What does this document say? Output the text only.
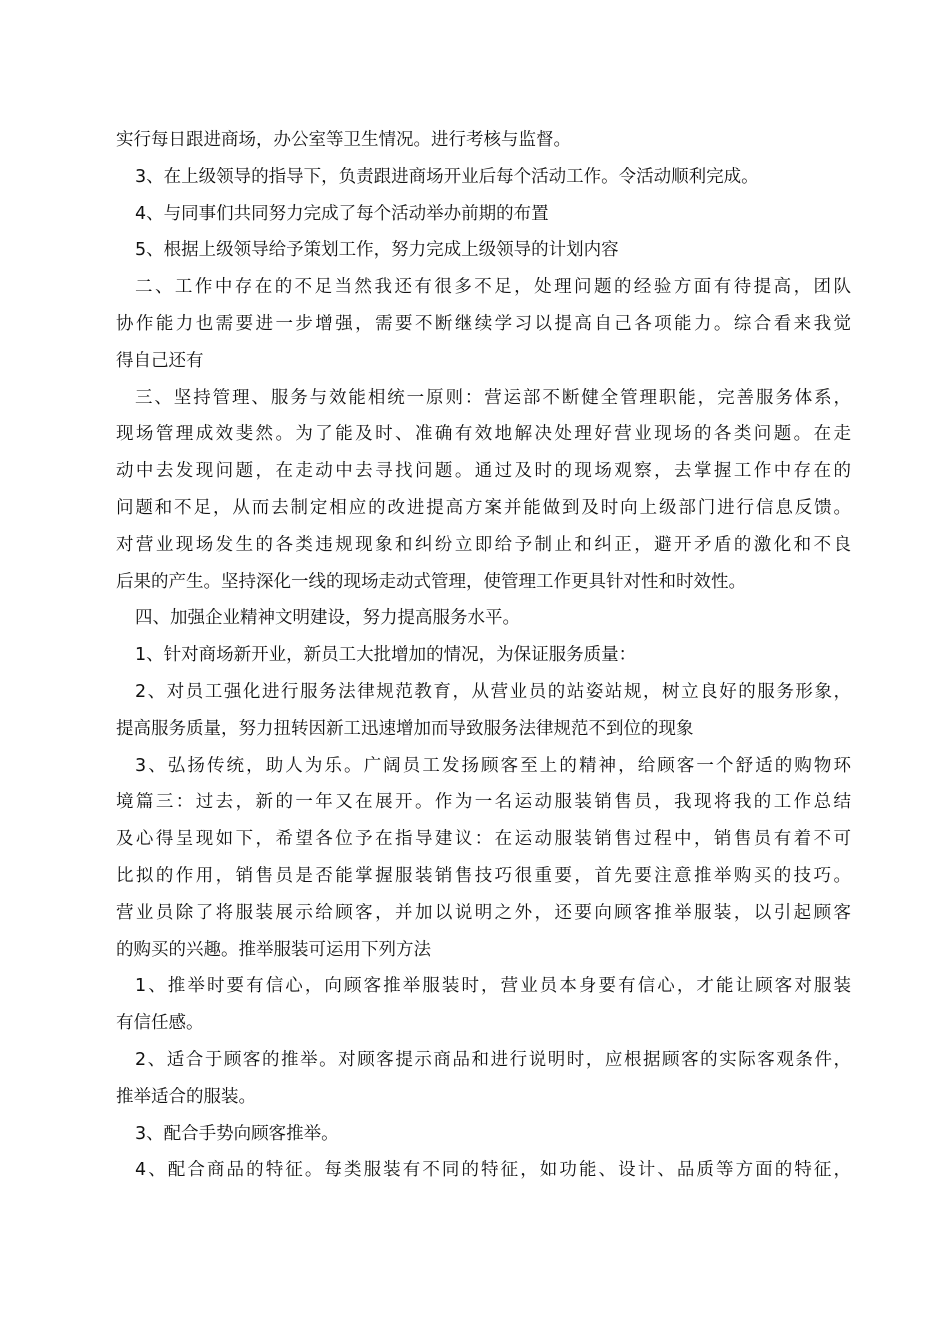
实行每日跟进商场，办公室等卫生情况。进行考核与监督。
3、在上级领导的指导下，负责跟进商场开业后每个活动工作。令活动顺利完成。
4、与同事们共同努力完成了每个活动举办前期的布置
5、根据上级领导给予策划工作，努力完成上级领导的计划内容
二、工作中存在的不足当然我还有很多不足，处理问题的经验方面有待提高，团队
协作能力也需要进一步增强，需要不断继续学习以提高自己各项能力。综合看来我觉
得自己还有
三、坚持管理、服务与效能相统一原则：营运部不断健全管理职能，完善服务体系，
现场管理成效斐然。为了能及时、准确有效地解决处理好营业现场的各类问题。在走
动中去发现问题，在走动中去寻找问题。通过及时的现场观察，去掌握工作中存在的
问题和不足，从而去制定相应的改进提高方案并能做到及时向上级部门进行信息反馈。
对营业现场发生的各类违规现象和纠纷立即给予制止和纠正，避开矛盾的激化和不良
后果的产生。坚持深化一线的现场走动式管理，使管理工作更具针对性和时效性。
四、加强企业精神文明建设，努力提高服务水平。
1、针对商场新开业，新员工大批增加的情况，为保证服务质量：
2、对员工强化进行服务法律规范教育，从营业员的站姿站规，树立良好的服务形象，
提高服务质量，努力扭转因新工迅速增加而导致服务法律规范不到位的现象
3、弘扬传统，助人为乐。广阔员工发扬顾客至上的精神，给顾客一个舒适的购物环
境篇三：过去，新的一年又在展开。作为一名运动服装销售员，我现将我的工作总结
及心得呈现如下，希望各位予在指导建议：在运动服装销售过程中，销售员有着不可
比拟的作用，销售员是否能掌握服装销售技巧很重要，首先要注意推举购买的技巧。
营业员除了将服装展示给顾客，并加以说明之外，还要向顾客推举服装，以引起顾客
的购买的兴趣。推举服装可运用下列方法
1、推举时要有信心，向顾客推举服装时，营业员本身要有信心，才能让顾客对服装
有信任感。
2、适合于顾客的推举。对顾客提示商品和进行说明时，应根据顾客的实际客观条件，
推举适合的服装。
3、配合手势向顾客推举。
4、配合商品的特征。每类服装有不同的特征，如功能、设计、品质等方面的特征，
